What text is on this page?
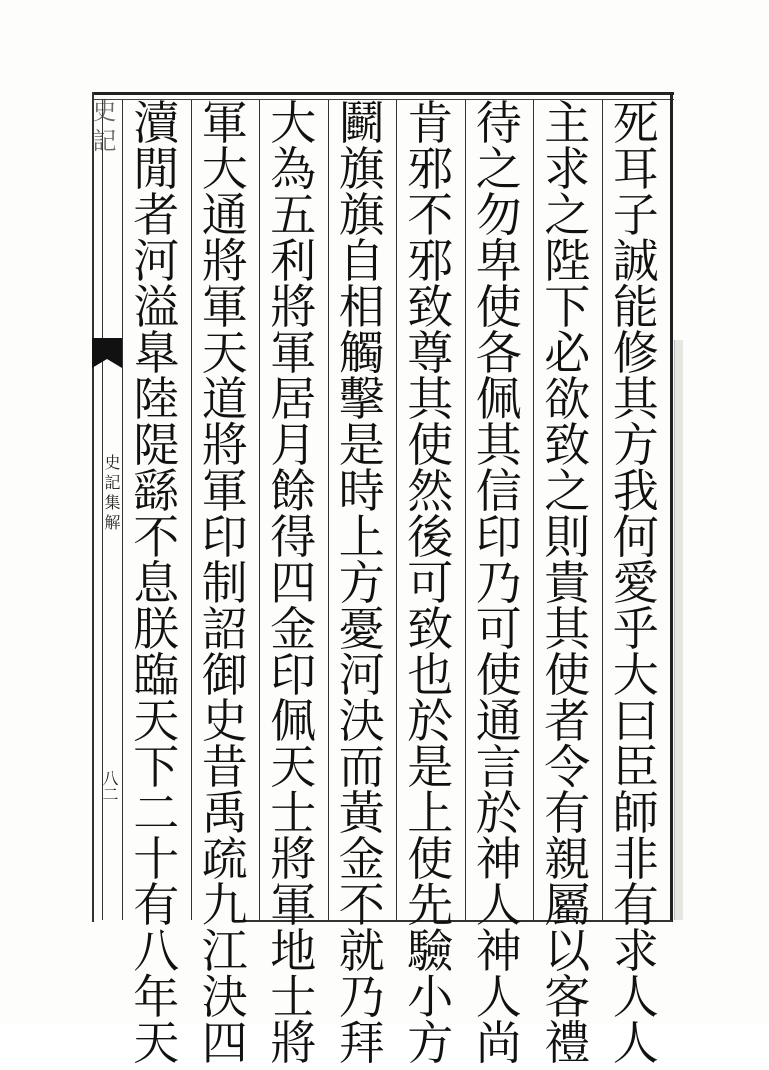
史記
史記集解
八二
死
耳
子
誠
能
修
其
方
我
何
愛
乎
大
曰
臣
師
非
有
求
人
人
主
求
之
陛
下
必
欲
致
之
則
貴
其
使
者
令
有
親
屬
以
客
禮
待
之
勿
卑
使
各
佩
其
信
印
乃
可
使
通
言
於
神
人
神
人
尚
肯
邪
不
邪
致
尊
其
使
然
後
可
致
也
於
是
上
使
先
驗
小
方
鬬
旗
旗
自
相
觸
擊
是
時
上
方
憂
河
決
而
黃
金
不
就
乃
拜
大
為
五
利
將
軍
居
月
餘
得
四
金
印
佩
天
士
將
軍
地
士
將
軍
大
通
將
軍
天
道
將
軍
印
制
詔
御
史
昔
禹
疏
九
江
決
四
瀆
閒
者
河
溢
臯
陸
隄
繇
不
息
朕
臨
天
下
二
十
有
八
年
天
